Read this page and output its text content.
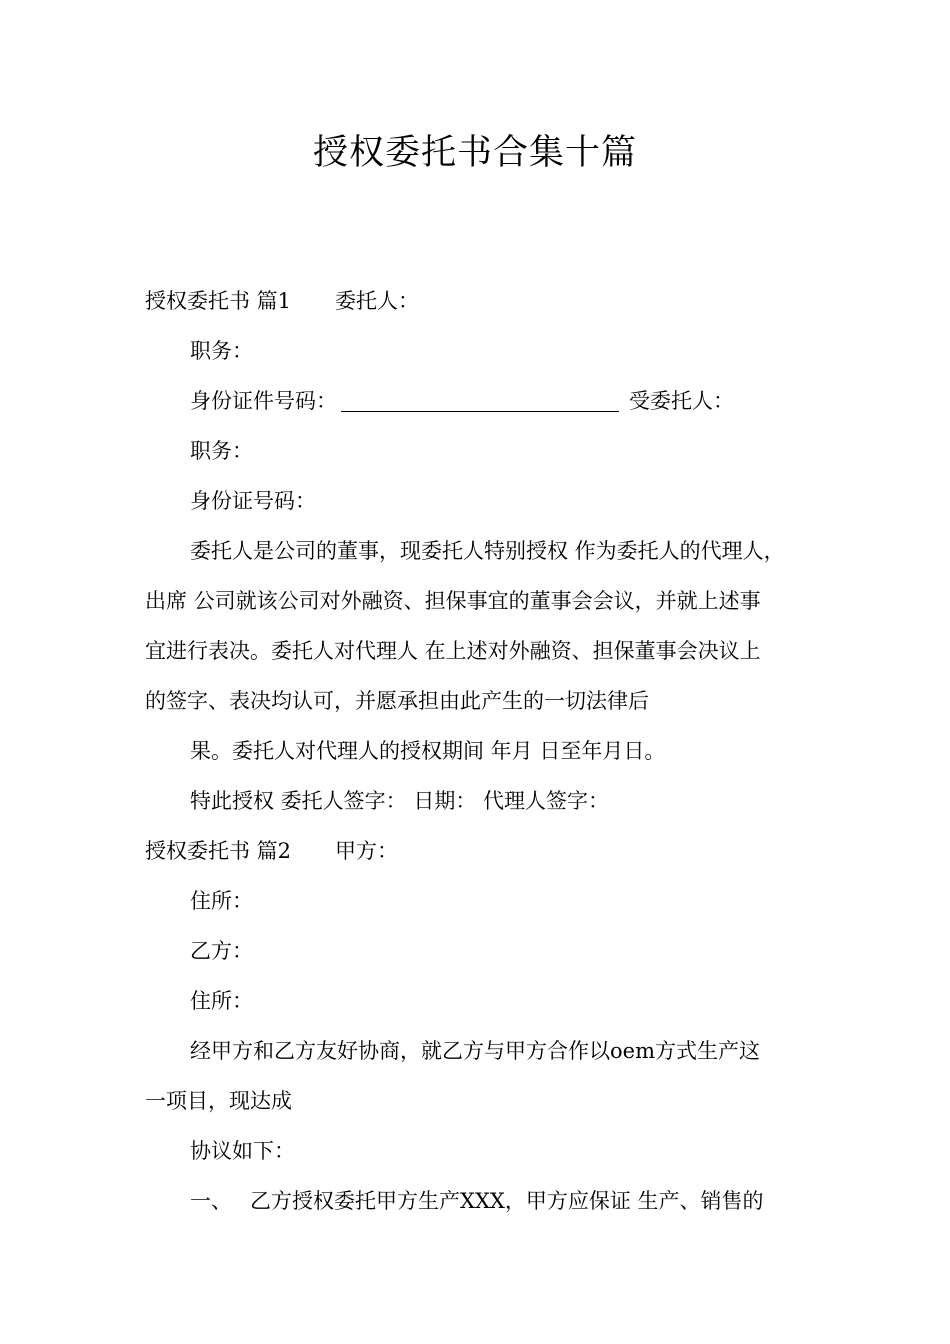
授权委托书合集十篇
授权委托书 篇1 委托人：
职务：
身份证件号码：	受委托人：
职务：
身份证号码：
委托人是公司的董事，现委托人特别授权 作为委托人的代理人，
出席 公司就该公司对外融资、担保事宜的董事会会议，并就上述事
宜进行表决。委托人对代理人 在上述对外融资、担保董事会决议上
的签字、表决均认可，并愿承担由此产生的一切法律后
果。委托人对代理人的授权期间 年月 日至年月日。
特此授权 委托人签字： 日期： 代理人签字：
授权委托书 篇2 甲方：
住所：
乙方：
住所：
经甲方和乙方友好协商，就乙方与甲方合作以oem方式生产这
一项目，现达成
协议如下：
一、 乙方授权委托甲方生产XXX，甲方应保证 生产、销售的
